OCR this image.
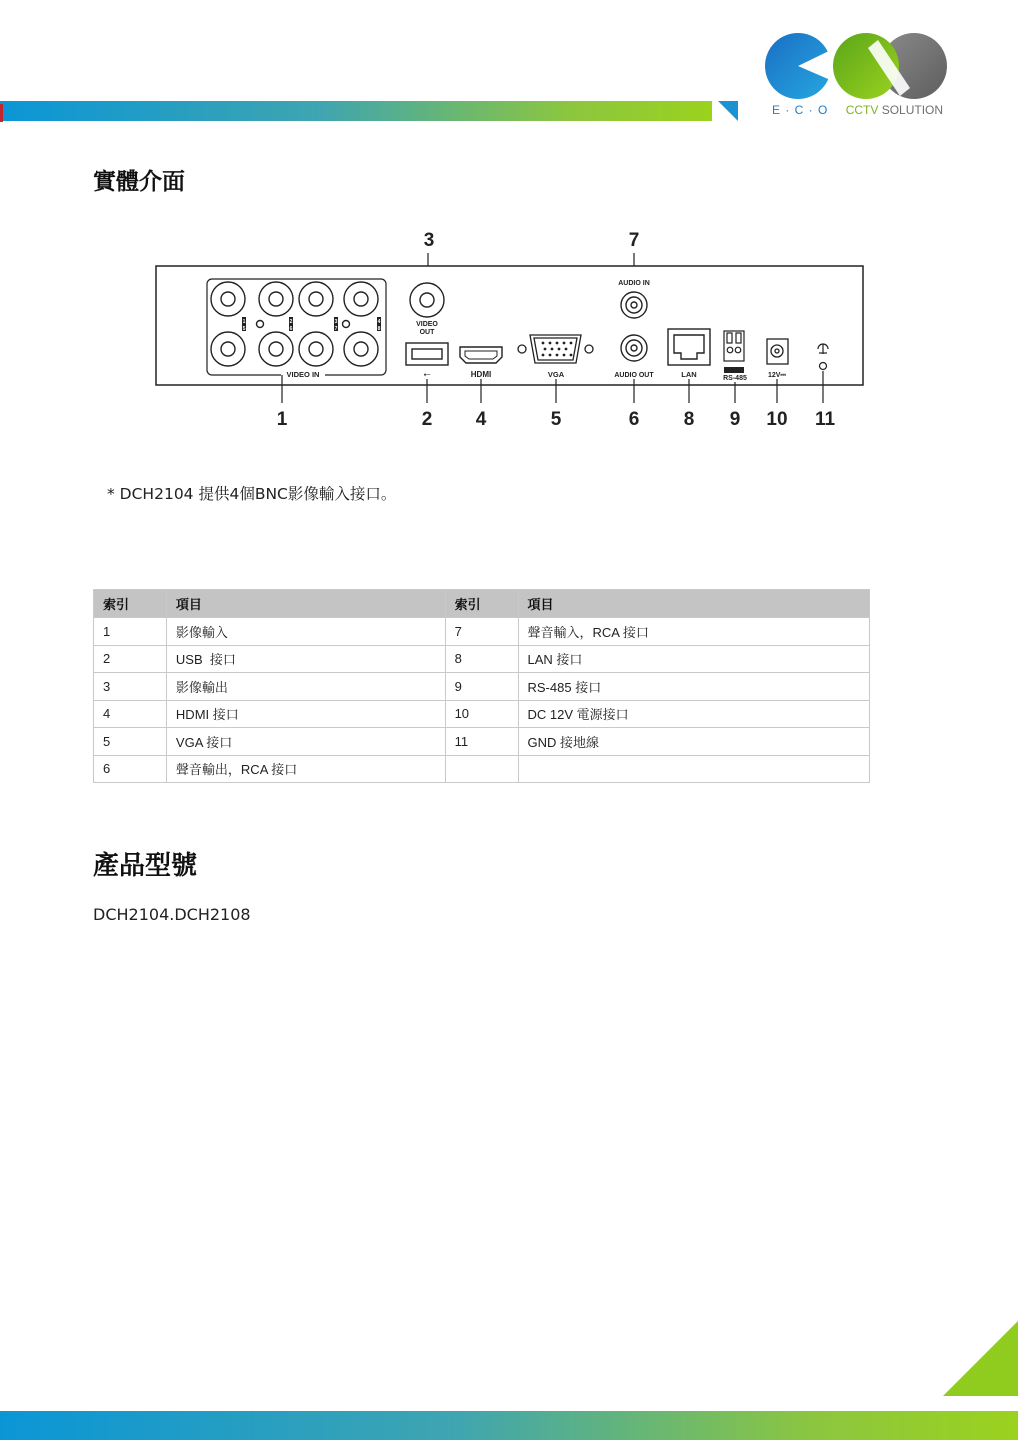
E · C · O CCTV SOLUTION
實體介面
3	7
VIDEO IN
VIDEO
OUT
⭠	HDMI	VGA
AUDIO IN
AUDIO OUT	LAN	RS-485	12V⎓
1	2 4	5	6 8 9 10 11
1	2	3	4
5	6	7	8
* DCH2104 提供4個BNC影像輸入接口。
索引	項目	索引	項目
1	影像輸入	7	聲音輸入，RCA 接口
2	USB  接口	8	LAN 接口
3	影像輸出	9	RS-485 接口
4	HDMI 接口	10	DC 12V 電源接口
5	VGA 接口	11	GND 接地線
6	聲音輸出，RCA 接口		
產品型號
DCH2104.DCH2108
